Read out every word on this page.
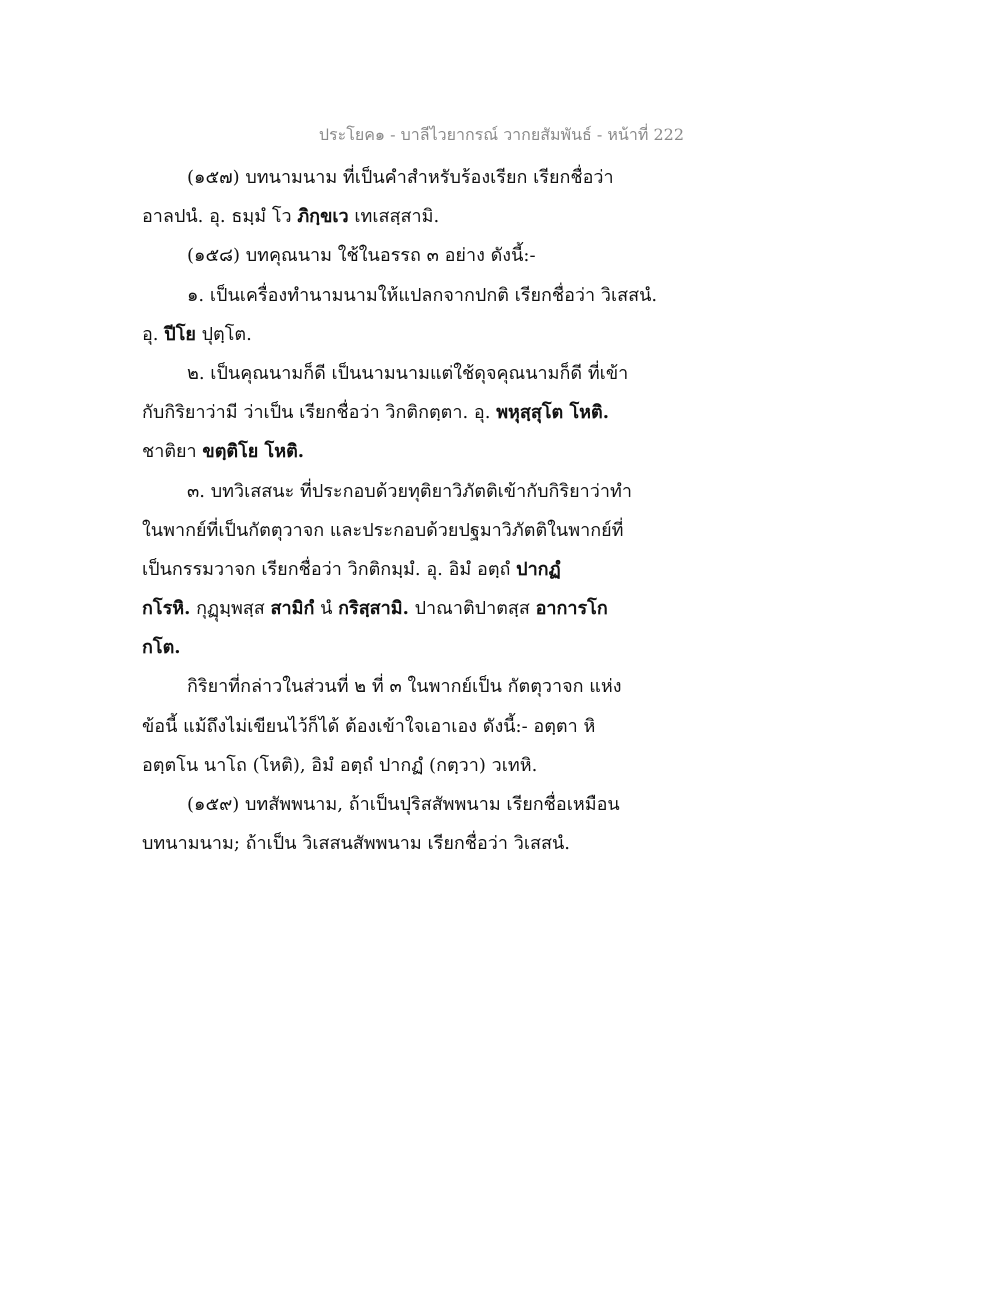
ประโยค๑ - บาลีไวยากรณ์ วากยสัมพันธ์ - หน้าที่ 222
(๑๕๗) บทนามนาม ที่เป็นคำสำหรับร้องเรียก เรียกชื่อว่า
อาลปนํ. อุ. ธมฺมํ โว ภิกฺขเว เทเสสฺสามิ.
(๑๕๘) บทคุณนาม ใช้ในอรรถ ๓ อย่าง ดังนี้:-
๑. เป็นเครื่องทำนามนามให้แปลกจากปกติ เรียกชื่อว่า วิเสสนํ.
อุ. ปีโย ปุตฺโต.
๒. เป็นคุณนามก็ดี เป็นนามนามแต่ใช้ดุจคุณนามก็ดี ที่เข้า
กับกิริยาว่ามี ว่าเป็น เรียกชื่อว่า วิกติกตฺตา. อุ. พหุสฺสุโต โหติ.
ชาติยา ขตฺติโย โหติ.
๓. บทวิเสสนะ ที่ประกอบด้วยทุติยาวิภัตติเข้ากับกิริยาว่าทำ
ในพากย์ที่เป็นกัตตุวาจก และประกอบด้วยปฐมาวิภัตติในพากย์ที่
เป็นกรรมวาจก เรียกชื่อว่า วิกติกมฺมํ. อุ. อิมํ อตฺถํ ปากฏํ
กโรหิ. กุฏุมฺพสฺส สามิกํ นํ กริสฺสามิ. ปาณาติปาตสฺส อาการโก
กโต.
กิริยาที่กล่าวในส่วนที่ ๒ ที่ ๓ ในพากย์เป็น กัตตุวาจก แห่ง
ข้อนี้ แม้ถึงไม่เขียนไว้ก็ได้ ต้องเข้าใจเอาเอง ดังนี้:- อตฺตา หิ
อตฺตโน นาโถ (โหติ), อิมํ อตฺถํ ปากฏํ (กตฺวา) วเทหิ.
(๑๕๙) บทสัพพนาม, ถ้าเป็นปุริสสัพพนาม เรียกชื่อเหมือน
บทนามนาม; ถ้าเป็น วิเสสนสัพพนาม เรียกชื่อว่า วิเสสนํ.
